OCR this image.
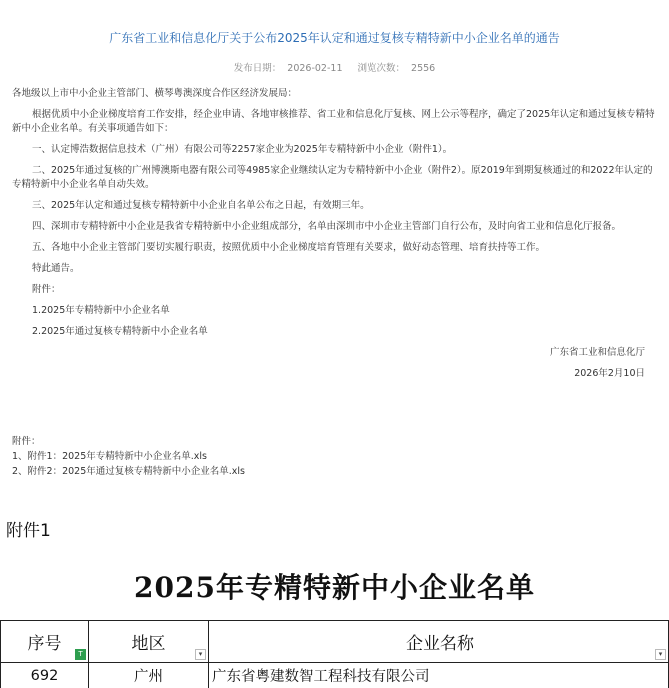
广东省工业和信息化厅关于公布2025年认定和通过复核专精特新中小企业名单的通告
发布日期： 2026-02-11 浏览次数： 2556
各地级以上市中小企业主管部门、横琴粤澳深度合作区经济发展局：
根据优质中小企业梯度培育工作安排，经企业申请、各地审核推荐、省工业和信息化厅复核、网上公示等程序，确定了2025年认定和通过复核专精特新中小企业名单。有关事项通告如下：
一、认定博浩数据信息技术（广州）有限公司等2257家企业为2025年专精特新中小企业（附件1）。
二、2025年通过复核的广州博澳斯电器有限公司等4985家企业继续认定为专精特新中小企业（附件2）。原2019年到期复核通过的和2022年认定的专精特新中小企业名单自动失效。
三、2025年认定和通过复核专精特新中小企业自名单公布之日起，有效期三年。
四、深圳市专精特新中小企业是我省专精特新中小企业组成部分，名单由深圳市中小企业主管部门自行公布，及时向省工业和信息化厅报备。
五、各地中小企业主管部门要切实履行职责，按照优质中小企业梯度培育管理有关要求，做好动态管理、培育扶持等工作。
特此通告。
附件：
1.2025年专精特新中小企业名单
2.2025年通过复核专精特新中小企业名单
广东省工业和信息化厅
2026年2月10日
附件：
1、附件1：2025年专精特新中小企业名单.xls
2、附件2：2025年通过复核专精特新中小企业名单.xls
附件1
2025年专精特新中小企业名单
序号 T	地区 ▾	企业名称 ▾

692	广州	广东省粤建数智工程科技有限公司
